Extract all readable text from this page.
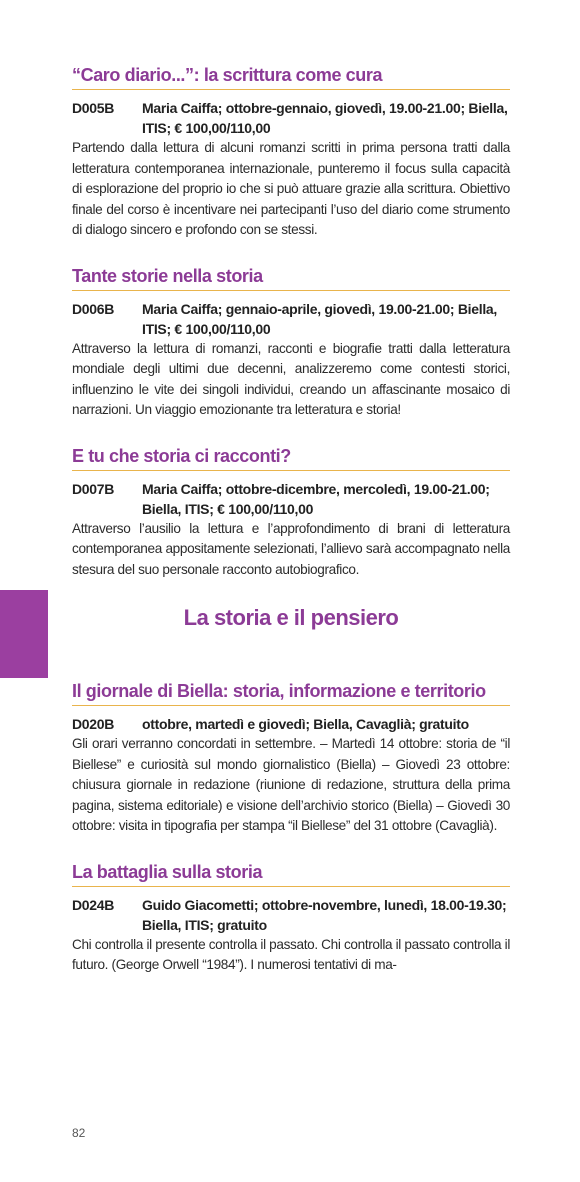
“Caro diario...”: la scrittura come cura
D005B	Maria Caiffa; ottobre-gennaio, giovedì, 19.00-21.00; Biella, ITIS; € 100,00/110,00

Partendo dalla lettura di alcuni romanzi scritti in prima persona tratti dalla letteratura contemporanea internazionale, punteremo il focus sulla capacità di esplorazione del proprio io che si può attuare grazie alla scrittura. Obiettivo finale del corso è incentivare nei partecipanti l’uso del diario come strumento di dialogo sincero e profondo con se stessi.

Tante storie nella storia
D006B	Maria Caiffa; gennaio-aprile, giovedì, 19.00-21.00; Biella, ITIS; € 100,00/110,00

Attraverso la lettura di romanzi, racconti e biografie tratti dalla letteratura mondiale degli ultimi due decenni, analizzeremo come contesti storici, influenzino le vite dei singoli individui, creando un affascinante mosaico di narrazioni. Un viaggio emozionante tra letteratura e storia!

E tu che storia ci racconti?
D007B	Maria Caiffa; ottobre-dicembre, mercoledì, 19.00-21.00; Biella, ITIS; € 100,00/110,00

Attraverso l’ausilio la lettura e l’approfondimento di brani di letteratura contemporanea appositamente selezionati, l’allievo sarà accompagnato nella stesura del suo personale racconto autobiografico.

La storia e il pensiero
Il giornale di Biella: storia, informazione e territorio
D020B	ottobre, martedì e giovedì; Biella, Cavaglià; gratuito

Gli orari verranno concordati in settembre. – Martedì 14 ottobre: storia de “il Biellese” e curiosità sul mondo giornalistico (Biella) – Giovedì 23 ottobre: chiusura giornale in redazione (riunione di redazione, struttura della prima pagina, sistema editoriale) e visione dell’archivio storico (Biella) – Giovedì 30 ottobre: visita in tipografia per stampa “il Biellese” del 31 ottobre (Cavaglià).

La battaglia sulla storia
D024B	Guido Giacometti; ottobre-novembre, lunedì, 18.00-19.30; Biella, ITIS; gratuito

Chi controlla il presente controlla il passato. Chi controlla il passato controlla il futuro. (George Orwell “1984”). I numerosi tentativi di ma-

82
